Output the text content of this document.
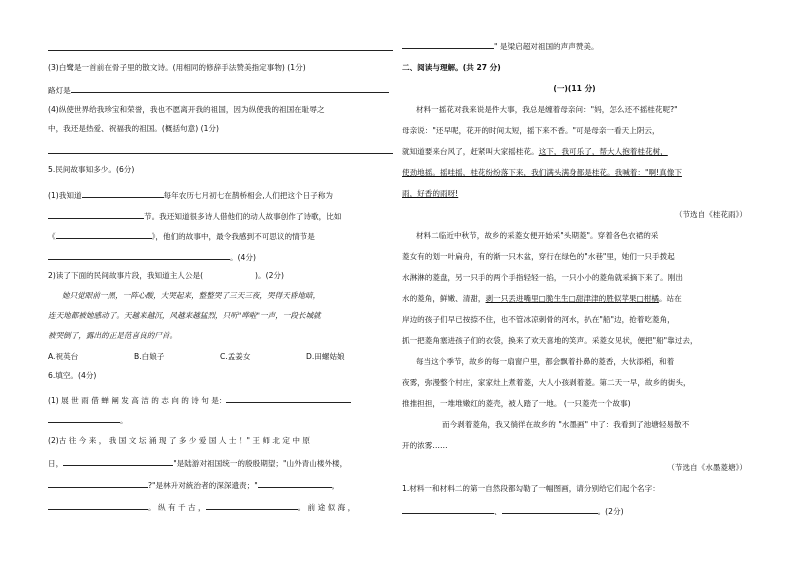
(3)白鹭是一首前在骨子里的散文诗。(用相同的修辞手法赞美指定事物) (1分)
路灯是
(4)纵使世界给我珍宝和荣誉，我也不愿离开我的祖国，因为纵使我的祖国在耻辱之
中，我还是热爱、祝福我的祖国。(概括句意) (1分)
5.民间故事知多少。(6分)
(1)我知道	每年农历七月初七在鹊桥相会,人们把这个日子称为
节。我还知道很多诗人借他们的动人故事创作了诗歌，比如
《	》，他们的故事中，最令我感到不可思议的情节是
。(4分)
2)读了下面的民间故事片段，我知道主人公是(	)。(2分)
她只觉眼前一黑，一阵心酸，大哭起来，整整哭了三天三夜，哭得天昏地暗，
连天地都被她感动了。天越来越沉，风越来越猛烈，只听"哗啦"一声，一段长城就
被哭倒了，露出的正是范喜良的尸首。
A.祝英台	B.白娘子	C.孟姜女	D.田螺姑娘
6.填空。(4分)
(1) 展 世 雨 借 蝉 阐 发 高 洁 的 志 向 的 诗 句 是：
。
(2)古 往 今 来 ， 我 国 文 坛 涌 现 了 多 少 爱 国 人 士 ！" 王 师 北 定 中 原
日，	"是陆游对祖国统一的殷殷期望；"山外青山楼外楼，
?"是林升对統治者的深深遗责；"	，
。 纵 有 千 古 ，	。 前 途 似 海 ，
" 是梁启超对祖国的声声赞美。
二、阅读与理解。(共 27 分)
(一)(11 分)
材料一摇花对我来说是件大事，我总是缠着母亲问："妈，怎么还不摇桂花呢?"
母亲说："还早呢，花开的时间太短，摇下来不香。"可是母亲一看天上阴云，
就知道要来台风了，赶紧叫大家摇桂花。这下，我可乐了，帮大人抱着桂花树，
使劲地摇。摇哇摇，桂花纷纷落下来，我们满头满身都是桂花。我喊着："啊!真像下
雨，好香的雨呀!
（节选自《桂花雨》）
材料二临近中秋节，故乡的采菱女便开始采"头期菱"。穿着各色衣裙的采
菱女有的划一叶扁舟，有的渐一只木盆，穿行在绿色的"水巷"里，她们一只手拨起
水淋淋的菱盘，另一只手的两个手指轻轻一掐，一只小小的菱角就采摘下来了。刚出
水的菱角，鲜嫩、清甜，剥一只丢进嘴里□脆生生□甜津津的胜似苹果□柑橘。站在
岸边的孩子们早已按捺不住，也不管冰凉刺骨的河水，扒在"船"边，抢着吃菱角，
抓一把菱角塞进孩子们的衣袋，换来了欢天喜地的笑声。采菱女见状，便把"船"靠过去，
每当这个季节，故乡的每一扇窗户里，都会飘着扑鼻的菱香，大伙添稻，和着
夜雾，弥漫整个村庄，家家灶上煮着菱，大人小孩剥着菱。第二天一早，故乡的街头，
推推担担，一堆堆嫩红的菱壳，被人踏了一地。 (一只菱壳一个故事)
而今剥着菱角，我又徜徉在故乡的 "水墨画" 中了：我看到了池塘轻易散不
开的浓雾……
（节选自《水墨菱塘》）
1.材料一和材料二的第一自然段都勾勒了一幅图画，请分别给它们起个名字：
、	。(2分)
